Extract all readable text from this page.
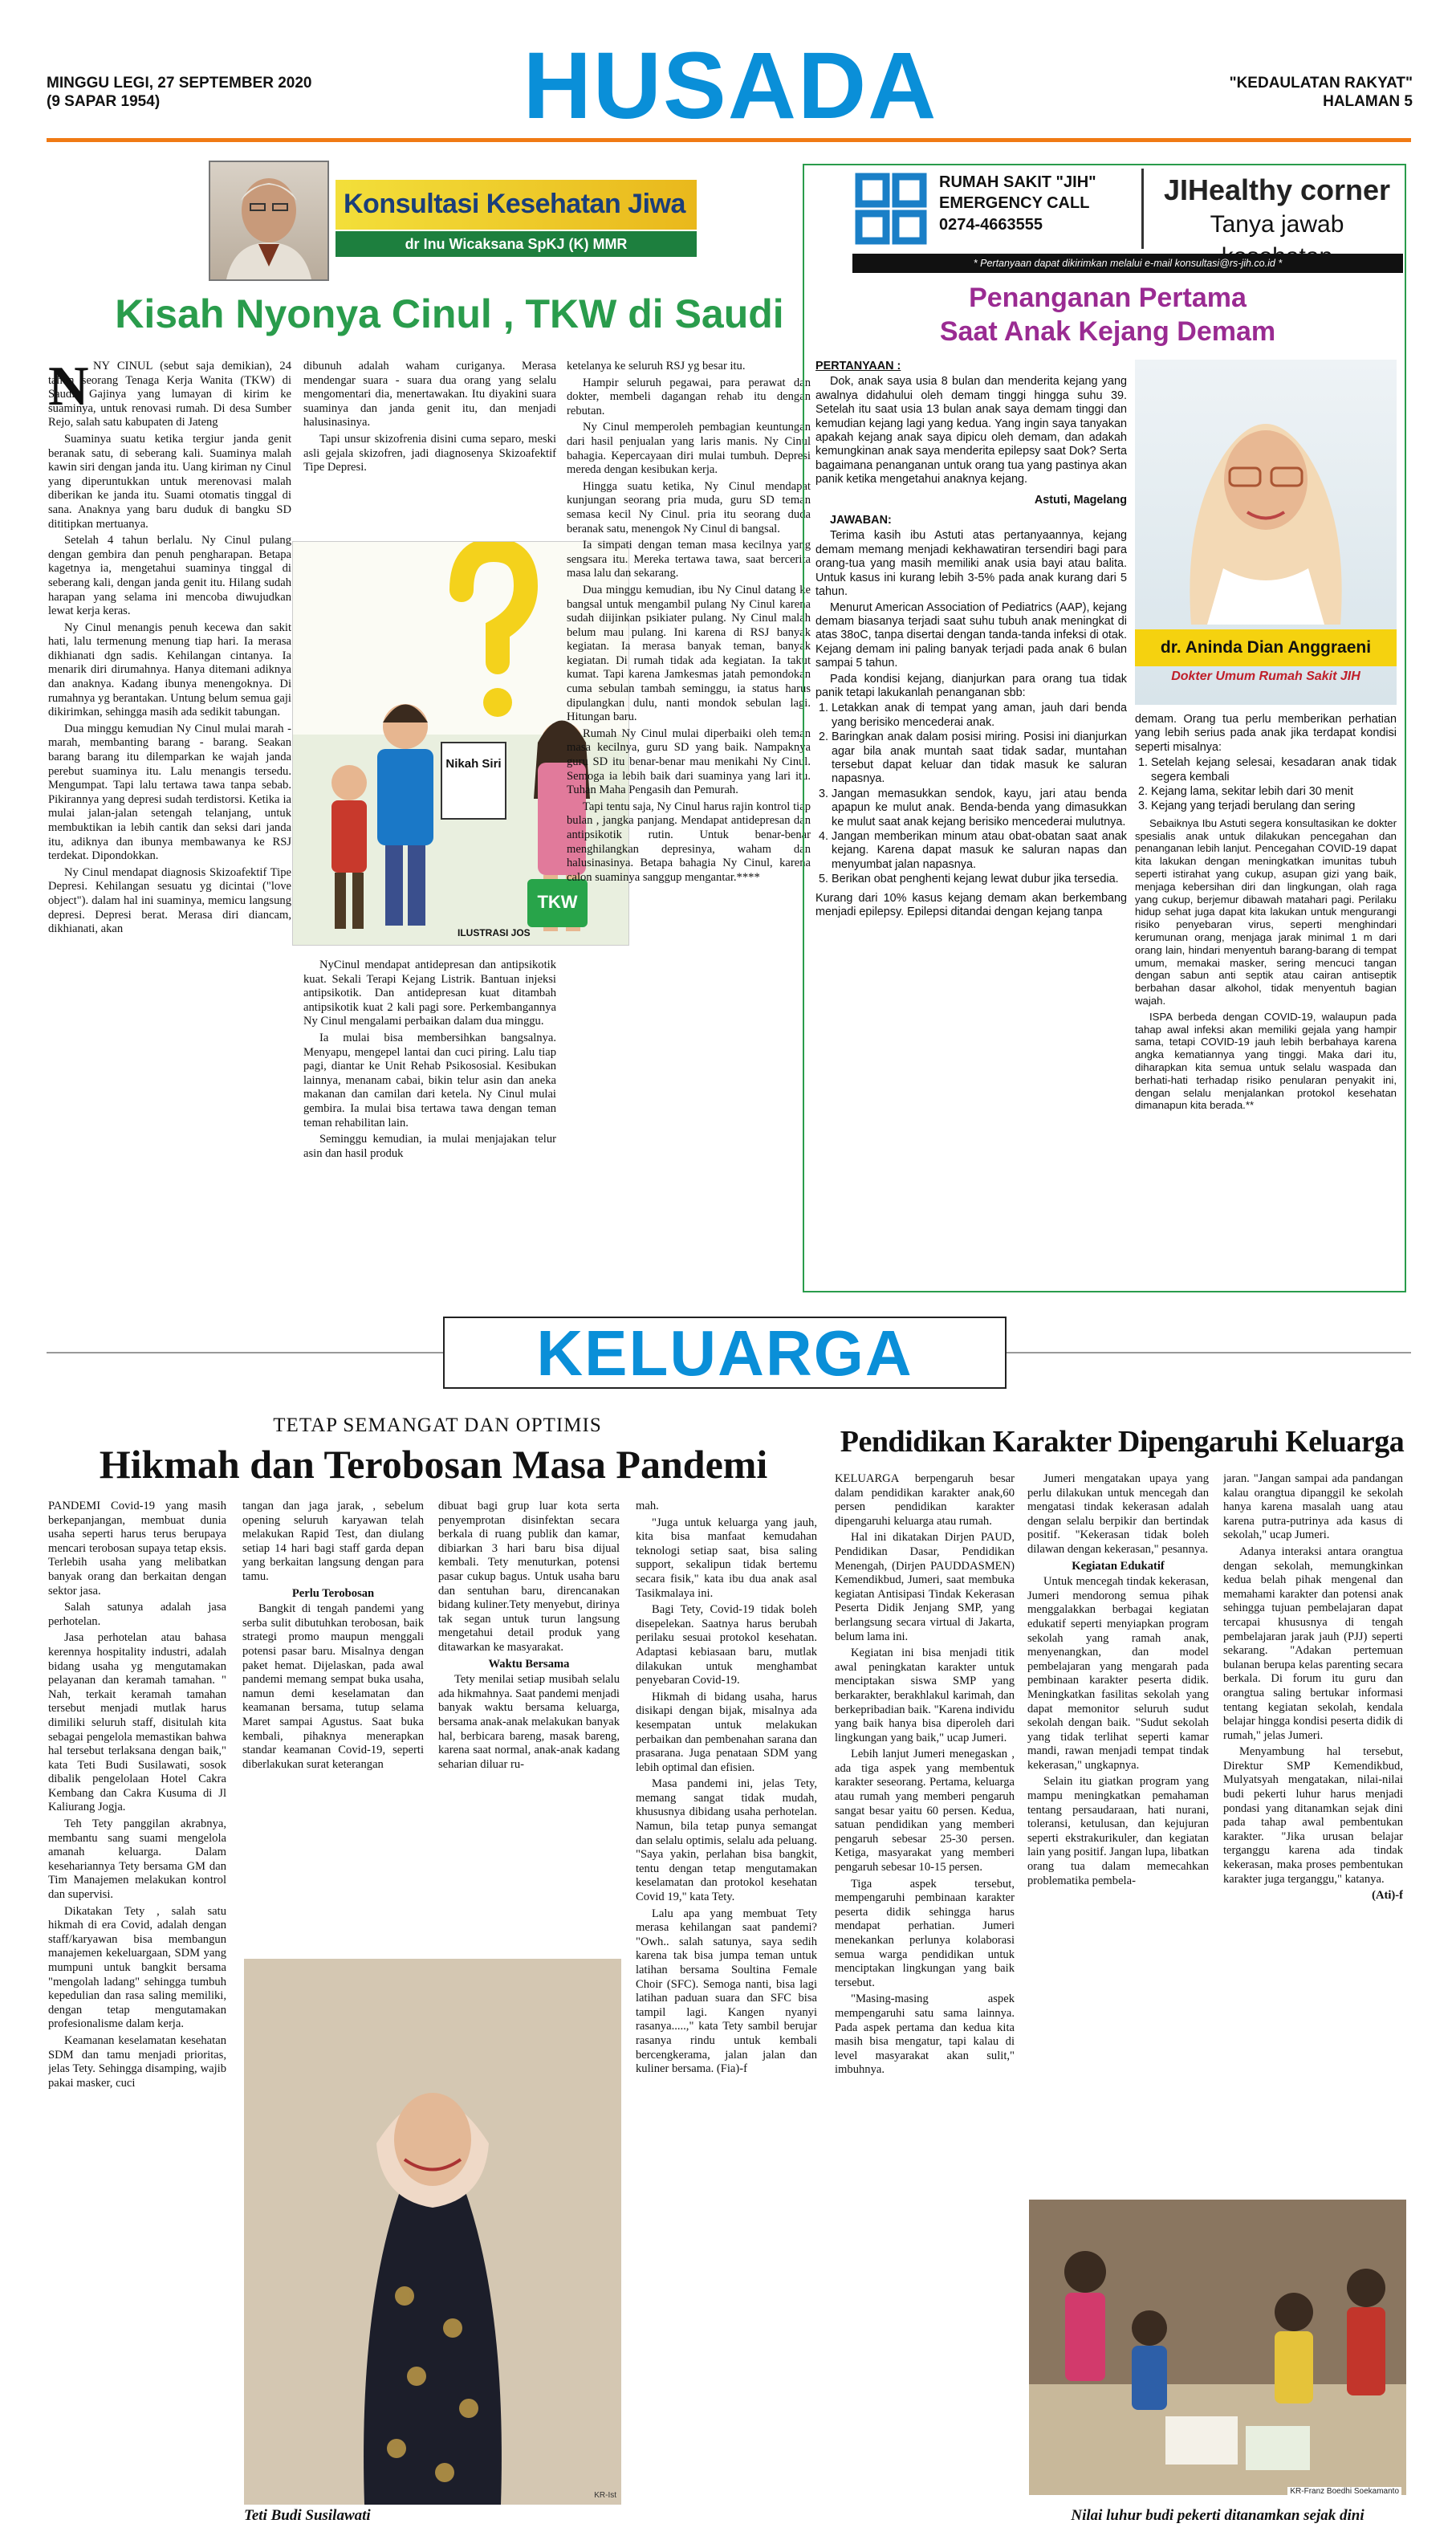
MINGGU LEGI, 27 SEPTEMBER 2020
(9 SAPAR 1954)	HUSADA	"KEDAULATAN RAKYAT"
HALAMAN 5
Konsultasi Kesehatan Jiwa
dr Inu Wicaksana SpKJ (K) MMR
Kisah Nyonya Cinul , TKW di Saudi
N NY CINUL (sebut saja demikian), 24 tahun seorang Tenaga Kerja Wanita (TKW) di Saudi. Gajinya yang lumayan di kirim ke suaminya, untuk renovasi rumah. Di desa Sumber Rejo, salah satu kabupaten di Jateng

Suaminya suatu ketika tergiur janda genit beranak satu, di seberang kali. Suaminya malah kawin siri dengan janda itu. Uang kiriman ny Cinul yang diperuntukkan untuk merenovasi malah diberikan ke janda itu. Suami otomatis tinggal di sana. Anaknya yang baru duduk di bangku SD dititipkan mertuanya.

Setelah 4 tahun berlalu. Ny Cinul pulang dengan gembira dan penuh pengharapan. Betapa kagetnya ia, mengetahui suaminya tinggal di seberang kali, dengan janda genit itu. Hilang sudah harapan yang selama ini mencoba diwujudkan lewat kerja keras.

Ny Cinul menangis penuh kecewa dan sakit hati, lalu termenung menung tiap hari. Ia merasa dikhianati dgn sadis. Kehilangan cintanya. Ia menarik diri dirumahnya. Hanya ditemani adiknya dan anaknya. Kadang ibunya menengoknya. Di rumahnya yg berantakan. Untung belum semua gaji dikirimkan, sehingga masih ada sedikit tabungan.

Dua minggu kemudian Ny Cinul mulai marah - marah, membanting barang - barang. Seakan barang barang itu dilemparkan ke wajah janda perebut suaminya itu. Lalu menangis tersedu. Mengumpat. Tapi lalu tertawa tawa tanpa sebab. Pikirannya yang depresi sudah terdistorsi. Ketika ia mulai jalan-jalan setengah telanjang, untuk membuktikan ia lebih cantik dan seksi dari janda itu, adiknya dan ibunya membawanya ke RSJ terdekat. Dipondokkan.

Ny Cinul mendapat diagnosis Skizoafektif Tipe Depresi. Kehilangan sesuatu yg dicintai ("love object"). dalam hal ini suaminya, memicu langsung depresi. Depresi berat. Merasa diri diancam, dikhianati, akan

dibunuh adalah waham curiganya. Merasa mendengar suara - suara dua orang yang selalu mengomentari dia, menertawakan. Itu diyakini suara suaminya dan janda genit itu, dan menjadi halusinasinya.

Tapi unsur skizofrenia disini cuma separo, meski asli gejala skizofren, jadi diagnosenya Skizoafektif Tipe Depresi.

Nikah Siri
TKW
ILUSTRASI JOS

NyCinul mendapat antidepresan dan antipsikotik kuat. Sekali Terapi Kejang Listrik. Bantuan injeksi antipsikotik. Dan antidepresan kuat ditambah antipsikotik kuat 2 kali pagi sore. Perkembangannya Ny Cinul mengalami perbaikan dalam dua minggu.

Ia mulai bisa membersihkan bangsalnya. Menyapu, mengepel lantai dan cuci piring. Lalu tiap pagi, diantar ke Unit Rehab Psikososial. Kesibukan lainnya, menanam cabai, bikin telur asin dan aneka makanan dan camilan dari ketela. Ny Cinul mulai gembira. Ia mulai bisa tertawa tawa dengan teman teman rehabilitan lain.

Seminggu kemudian, ia mulai menjajakan telur asin dan hasil produk

ketelanya ke seluruh RSJ yg besar itu.

Hampir seluruh pegawai, para perawat dan dokter, membeli dagangan rehab itu dengan rebutan.

Ny Cinul memperoleh pembagian keuntungan dari hasil penjualan yang laris manis. Ny Cinul bahagia. Kepercayaan diri mulai tumbuh. Depresi mereda dengan kesibukan kerja.

Hingga suatu ketika, Ny Cinul mendapat kunjungan seorang pria muda, guru SD teman semasa kecil Ny Cinul. pria itu seorang duda beranak satu, menengok Ny Cinul di bangsal.

Ia simpati dengan teman masa kecilnya yang sengsara itu. Mereka tertawa tawa, saat bercerita masa lalu dan sekarang.

Dua minggu kemudian, ibu Ny Cinul datang ke bangsal untuk mengambil pulang Ny Cinul karena sudah diijinkan psikiater pulang. Ny Cinul malah belum mau pulang. Ini karena di RSJ banyak kegiatan. Ia merasa banyak teman, banyak kegiatan. Di rumah tidak ada kegiatan. Ia takut kumat. Tapi karena Jamkesmas jatah pemondokan cuma sebulan tambah seminggu, ia status harus dipulangkan dulu, nanti mondok sebulan lagi. Hitungan baru.

Rumah Ny Cinul mulai diperbaiki oleh teman masa kecilnya, guru SD yang baik. Nampaknya guru SD itu benar-benar mau menikahi Ny Cinul. Semoga ia lebih baik dari suaminya yang lari itu. Tuhan Maha Pengasih dan Pemurah.

Tapi tentu saja, Ny Cinul harus rajin kontrol tiap bulan , jangka panjang. Mendapat antidepresan dan antipsikotik rutin. Untuk benar-benar menghilangkan depresinya, waham dan halusinasinya. Betapa bahagia Ny Cinul, karena calon suaminya sanggup mengantar.****

RUMAH SAKIT "JIH"
EMERGENCY CALL
0274-4663555
JIHealthy corner
Tanya jawab
* Pertanyaan dapat dikirimkan melalui e-mail konsultasi@rs-jih.co.id *
Penanganan Pertama
Saat Anak Kejang Demam
dr. Aninda Dian Anggraeni
Dokter Umum Rumah Sakit JIH

PERTANYAAN :

Dok, anak saya usia 8 bulan dan menderita kejang yang awalnya didahului oleh demam tinggi hingga suhu 39. Setelah itu saat usia 13 bulan anak saya demam tinggi dan kemudian kejang lagi yang kedua. Yang ingin saya tanyakan apakah kejang anak saya dipicu oleh demam, dan adakah kemungkinan anak saya menderita epilepsy saat Dok? Serta bagaimana penanganan untuk orang tua yang pastinya akan panik ketika mengetahui anaknya kejang.

Astuti, Magelang

JAWABAN:

Terima kasih ibu Astuti atas pertanyaannya, kejang demam memang menjadi kekhawatiran tersendiri bagi para orang-tua yang masih memiliki anak usia bayi atau balita. Untuk kasus ini kurang lebih 3-5% pada anak kurang dari 5 tahun.

Menurut American Association of Pediatrics (AAP), kejang demam biasanya terjadi saat suhu tubuh anak meningkat di atas 38oC, tanpa disertai dengan tanda-tanda infeksi di otak. Kejang demam ini paling banyak terjadi pada anak 6 bulan sampai 5 tahun.

Pada kondisi kejang, dianjurkan para orang tua tidak panik tetapi lakukanlah penanganan sbb:

1. Letakkan anak di tempat yang aman, jauh dari benda yang berisiko mencederai anak.
2. Baringkan anak dalam posisi miring. Posisi ini dianjurkan agar bila anak muntah saat tidak sadar, muntahan tersebut dapat keluar dan tidak masuk ke saluran napasnya.
3. Jangan memasukkan sendok, kayu, jari atau benda apapun ke mulut anak. Benda-benda yang dimasukkan ke mulut saat anak kejang berisiko mencederai mulutnya.
4. Jangan memberikan minum atau obat-obatan saat anak kejang. Karena dapat masuk ke saluran napas dan menyumbat jalan napasnya.
5. Berikan obat penghenti kejang lewat dubur jika tersedia.

Kurang dari 10% kasus kejang demam akan berkembang menjadi epilepsy. Epilepsi ditandai dengan kejang tanpa

demam. Orang tua perlu memberikan perhatian yang lebih serius pada anak jika terdapat kondisi seperti misalnya:

1. Setelah kejang selesai, kesadaran anak tidak segera kembali
2. Kejang lama, sekitar lebih dari 30 menit
3. Kejang yang terjadi berulang dan sering

Sebaiknya Ibu Astuti segera konsultasikan ke dokter spesialis anak untuk dilakukan pencegahan dan penanganan lebih lanjut. Pencegahan COVID-19 dapat kita lakukan dengan meningkatkan imunitas tubuh seperti istirahat yang cukup, asupan gizi yang baik, menjaga kebersihan diri dan lingkungan, olah raga yang cukup, berjemur dibawah matahari pagi. Perilaku hidup sehat juga dapat kita lakukan untuk mengurangi risiko penyebaran virus, seperti menghindari kerumunan orang, menjaga jarak minimal 1 m dari orang lain, hindari menyentuh barang-barang di tempat umum, memakai masker, sering mencuci tangan dengan sabun anti septik atau cairan antiseptik berbahan dasar alkohol, tidak menyentuh bagian wajah.

ISPA berbeda dengan COVID-19, walaupun pada tahap awal infeksi akan memiliki gejala yang hampir sama, tetapi COVID-19 jauh lebih berbahaya karena angka kematiannya yang tinggi. Maka dari itu, diharapkan kita semua untuk selalu waspada dan berhati-hati terhadap risiko penularan penyakit ini, dengan selalu menjalankan protokol kesehatan dimanapun kita berada.**

KELUARGA
TETAP SEMANGAT DAN OPTIMIS
Hikmah dan Terobosan Masa Pandemi

PANDEMI Covid-19 yang masih berkepanjangan, membuat dunia usaha seperti harus terus berupaya mencari terobosan supaya tetap eksis. Terlebih usaha yang melibatkan banyak orang dan berkaitan dengan sektor jasa.

Salah satunya adalah jasa perhotelan.

Jasa perhotelan atau bahasa kerennya hospitality industri, adalah bidang usaha yg mengutamakan pelayanan dan keramah tamahan. " Nah, terkait keramah tamahan tersebut menjadi mutlak harus dimiliki seluruh staff, disitulah kita sebagai pengelola memastikan bahwa hal tersebut terlaksana dengan baik," kata Teti Budi Susilawati, sosok dibalik pengelolaan Hotel Cakra Kembang dan Cakra Kusuma di Jl Kaliurang Jogja.

Teh Tety panggilan akrabnya, membantu sang suami mengelola amanah keluarga. Dalam kesehariannya Tety bersama GM dan Tim Manajemen melakukan kontrol dan supervisi.

Dikatakan Tety , salah satu hikmah di era Covid, adalah dengan staff/karyawan bisa membangun manajemen kekeluargaan, SDM yang mumpuni untuk bangkit bersama "mengolah ladang" sehingga tumbuh kepedulian dan rasa saling memiliki, dengan tetap mengutamakan profesionalisme dalam kerja.

Keamanan keselamatan kesehatan SDM dan tamu menjadi prioritas, jelas Tety. Sehingga disamping, wajib pakai masker, cuci

tangan dan jaga jarak, , sebelum opening seluruh karyawan telah melakukan Rapid Test, dan diulang setiap 14 hari bagi staff garda depan yang berkaitan langsung dengan para tamu.

Perlu Terobosan

Bangkit di tengah pandemi yang serba sulit dibutuhkan terobosan, baik strategi promo maupun menggali potensi pasar baru. Misalnya dengan paket hemat. Dijelaskan, pada awal pandemi memang sempat buka usaha, namun demi keselamatan dan keamanan bersama, tutup selama Maret sampai Agustus. Saat buka kembali, pihaknya menerapkan standar keamanan Covid-19, seperti diberlakukan surat keterangan

dibuat bagi grup luar kota serta penyemprotan disinfektan secara berkala di ruang publik dan kamar, dibiarkan 3 hari baru bisa dijual kembali. Tety menuturkan, potensi pasar cukup bagus. Untuk usaha baru dan sentuhan baru, direncanakan bidang kuliner.Tety menyebut, dirinya tak segan untuk turun langsung mengetahui detail produk yang ditawarkan ke masyarakat.

Waktu Bersama

Tety menilai setiap musibah selalu ada hikmahnya. Saat pandemi menjadi banyak waktu bersama keluarga, bersama anak-anak melakukan banyak hal, berbicara bareng, masak bareng, karena saat normal, anak-anak kadang seharian diluar ru-

mah.

"Juga untuk keluarga yang jauh, kita bisa manfaat kemudahan teknologi setiap saat, bisa saling support, sekalipun tidak bertemu secara fisik," kata ibu dua anak asal Tasikmalaya ini.

Bagi Tety, Covid-19 tidak boleh disepelekan. Saatnya harus berubah perilaku sesuai protokol kesehatan. Adaptasi kebiasaan baru, mutlak dilakukan untuk menghambat penyebaran Covid-19.

Hikmah di bidang usaha, harus disikapi dengan bijak, misalnya ada kesempatan untuk melakukan perbaikan dan pembenahan sarana dan prasarana. Juga penataan SDM yang lebih optimal dan efisien.

Masa pandemi ini, jelas Tety, memang sangat tidak mudah, khususnya dibidang usaha perhotelan. Namun, bila tetap punya semangat dan selalu optimis, selalu ada peluang. "Saya yakin, perlahan bisa bangkit, tentu dengan tetap mengutamakan keselamatan dan protokol kesehatan Covid 19," kata Tety.

Lalu apa yang membuat Tety merasa kehilangan saat pandemi? "Owh.. salah satunya, saya sedih karena tak bisa jumpa teman untuk latihan bersama Soultina Female Choir (SFC). Semoga nanti, bisa lagi latihan paduan suara dan SFC bisa tampil lagi. Kangen nyanyi rasanya.....," kata Tety sambil berujar rasanya rindu untuk kembali bercengkerama, jalan jalan dan kuliner bersama. (Fia)-f

KR-Ist
Teti Budi Susilawati
Pendidikan Karakter Dipengaruhi Keluarga

KELUARGA berpengaruh besar dalam pendidikan karakter anak,60 persen pendidikan karakter dipengaruhi keluarga atau rumah.

Hal ini dikatakan Dirjen PAUD, Pendidikan Dasar, Pendidikan Menengah, (Dirjen PAUDDASMEN) Kemendikbud, Jumeri, saat membuka kegiatan Antisipasi Tindak Kekerasan Peserta Didik Jenjang SMP, yang berlangsung secara virtual di Jakarta, belum lama ini.

Kegiatan ini bisa menjadi titik awal peningkatan karakter untuk menciptakan siswa SMP yang berkarakter, berakhlakul karimah, dan berkepribadian baik. "Karena individu yang baik hanya bisa diperoleh dari lingkungan yang baik," ucap Jumeri.

Lebih lanjut Jumeri menegaskan , ada tiga aspek yang membentuk karakter seseorang. Pertama, keluarga atau rumah yang memberi pengaruh sangat besar yaitu 60 persen. Kedua, satuan pendidikan yang memberi pengaruh sebesar 25-30 persen. Ketiga, masyarakat yang memberi pengaruh sebesar 10-15 persen.

Tiga aspek tersebut, mempengaruhi pembinaan karakter peserta didik sehingga harus mendapat perhatian. Jumeri menekankan perlunya kolaborasi semua warga pendidikan untuk menciptakan lingkungan yang baik tersebut.

"Masing-masing aspek mempengaruhi satu sama lainnya. Pada aspek pertama dan kedua kita masih bisa mengatur, tapi kalau di level masyarakat akan sulit," imbuhnya.

Jumeri mengatakan upaya yang perlu dilakukan untuk mencegah dan mengatasi tindak kekerasan adalah dengan selalu berpikir dan bertindak positif. "Kekerasan tidak boleh dilawan dengan kekerasan," pesannya.

Kegiatan Edukatif

Untuk mencegah tindak kekerasan, Jumeri mendorong semua pihak menggalakkan berbagai kegiatan edukatif seperti menyiapkan program sekolah yang ramah anak, menyenangkan, dan model pembelajaran yang mengarah pada pembinaan karakter peserta didik. Meningkatkan fasilitas sekolah yang dapat memonitor seluruh sudut sekolah dengan baik. "Sudut sekolah yang tidak terlihat seperti kamar mandi, rawan menjadi tempat tindak kekerasan," ungkapnya.

Selain itu giatkan program yang mampu meningkatkan pemahaman tentang persaudaraan, hati nurani, toleransi, ketulusan, dan kejujuran seperti ekstrakurikuler, dan kegiatan lain yang positif. Jangan lupa, libatkan orang tua dalam memecahkan problematika pembela-

jaran. "Jangan sampai ada pandangan kalau orangtua dipanggil ke sekolah hanya karena masalah uang atau karena putra-putrinya ada kasus di sekolah," ucap Jumeri.

Adanya interaksi antara orangtua dengan sekolah, memungkinkan kedua belah pihak mengenal dan memahami karakter dan potensi anak sehingga tujuan pembelajaran dapat tercapai khususnya di tengah pembelajaran jarak jauh (PJJ) seperti sekarang. "Adakan pertemuan bulanan berupa kelas parenting secara berkala. Di forum itu guru dan orangtua saling bertukar informasi tentang kegiatan sekolah, kendala belajar hingga kondisi peserta didik di rumah," jelas Jumeri.

Menyambung hal tersebut, Direktur SMP Kemendikbud, Mulyatsyah mengatakan, nilai-nilai budi pekerti luhur harus menjadi pondasi yang ditanamkan sejak dini pada tahap awal pembentukan karakter. "Jika urusan belajar terganggu karena ada tindak kekerasan, maka proses pembentukan karakter juga terganggu," katanya.

(Ati)-f

KR-Franz Boedhi Soekamanto
Nilai luhur budi pekerti ditanamkan sejak dini
